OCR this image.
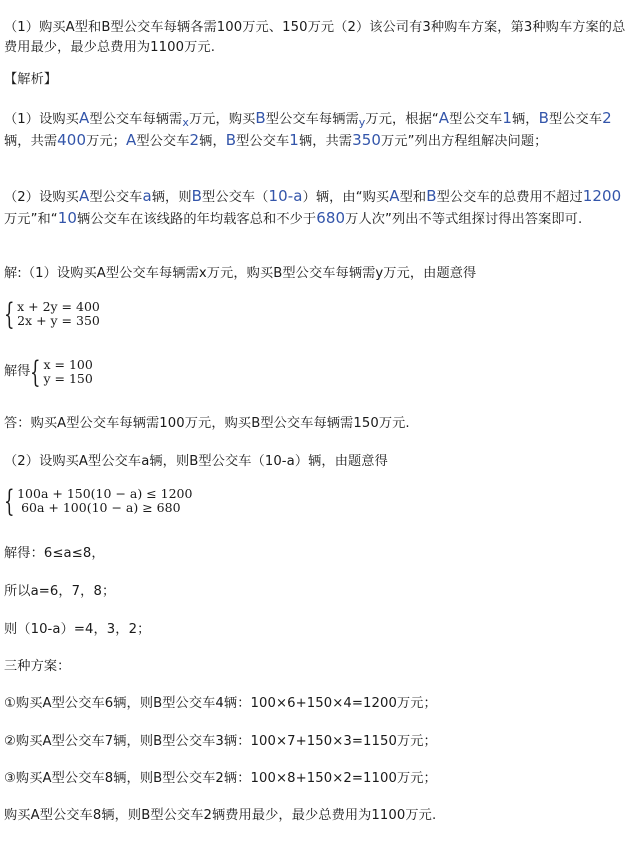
（1）购买A型和B型公交车每辆各需100万元、150万元（2）该公司有3种购车方案，第3种购车方案的总费用最少，最少总费用为1100万元.
【解析】
（1）设购买A型公交车每辆需$_x$万元，购买B型公交车每辆需$_y$万元，根据“A型公交车1辆，B型公交车2辆，共需400万元；A型公交车2辆，B型公交车1辆，共需350万元”列出方程组解决问题；
（2）设购买A型公交车a辆，则B型公交车（10-a）辆，由“购买A型和B型公交车的总费用不超过1200万元”和“10辆公交车在该线路的年均载客总和不少于680万人次”列出不等式组探讨得出答案即可.
解:（1）设购买A型公交车每辆需x万元，购买B型公交车每辆需y万元，由题意得
{ x + 2y = 400
2x + y = 350
解得 { x = 100
y = 150
答：购买A型公交车每辆需100万元，购买B型公交车每辆需150万元.
（2）设购买A型公交车a辆，则B型公交车（10-a）辆，由题意得
{ 100a + 150(10 − a) ≤ 1200
60a + 100(10 − a) ≥ 680
解得：6≤a≤8，
所以a=6，7，8；
则（10-a）=4，3，2；
三种方案：
①购买A型公交车6辆，则B型公交车4辆：100×6+150×4=1200万元；
②购买A型公交车7辆，则B型公交车3辆：100×7+150×3=1150万元；
③购买A型公交车8辆，则B型公交车2辆：100×8+150×2=1100万元；
购买A型公交车8辆，则B型公交车2辆费用最少，最少总费用为1100万元.
